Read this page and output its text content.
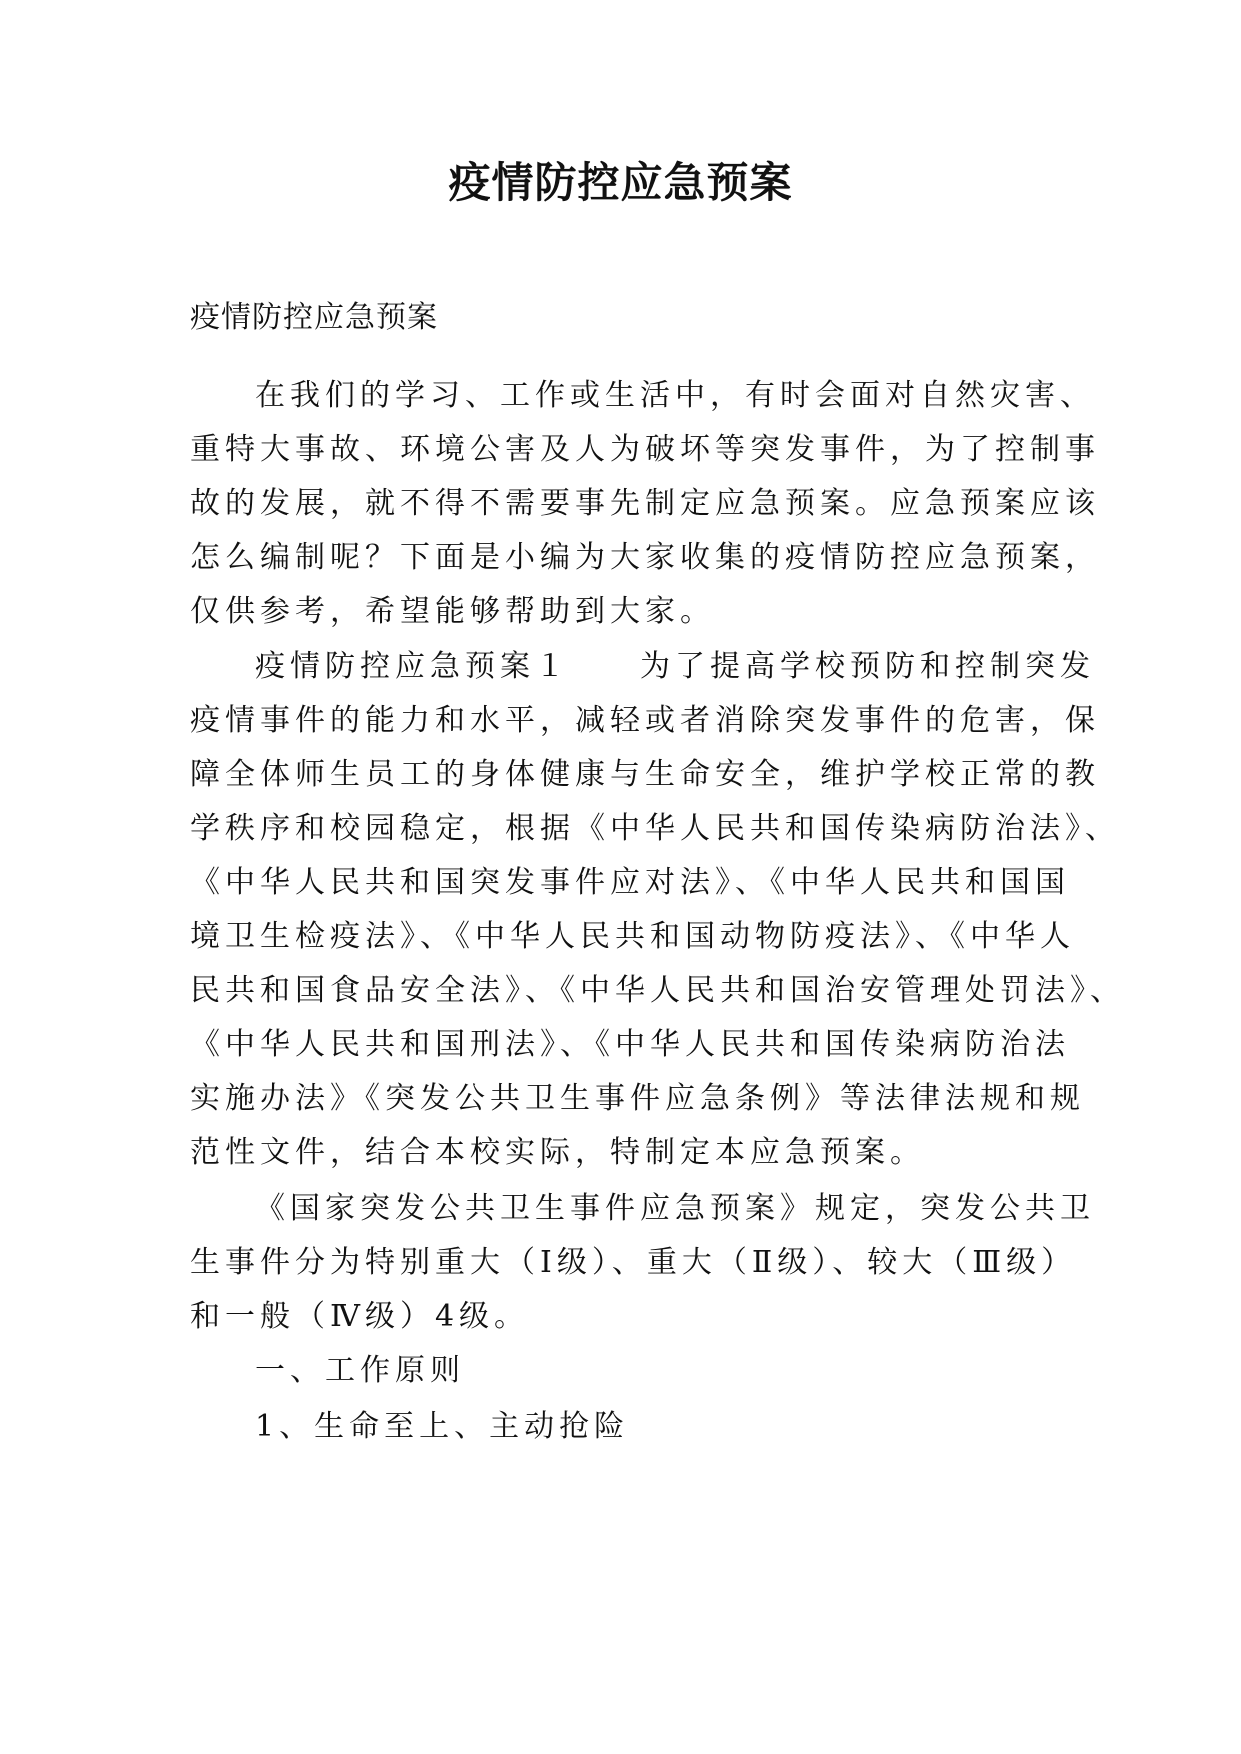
疫情防控应急预案

疫情防控应急预案

在我们的学习、工作或生活中，有时会面对自然灾害、

重特大事故、环境公害及人为破坏等突发事件，为了控制事

故的发展，就不得不需要事先制定应急预案。应急预案应该

怎么编制呢？下面是小编为大家收集的疫情防控应急预案，

仅供参考，希望能够帮助到大家。

疫情防控应急预案１　　为了提高学校预防和控制突发

疫情事件的能力和水平，减轻或者消除突发事件的危害，保

障全体师生员工的身体健康与生命安全，维护学校正常的教

学秩序和校园稳定，根据《中华人民共和国传染病防治法》、

《中华人民共和国突发事件应对法》、《中华人民共和国国

境卫生检疫法》、《中华人民共和国动物防疫法》、《中华人

民共和国食品安全法》、《中华人民共和国治安管理处罚法》、

《中华人民共和国刑法》、《中华人民共和国传染病防治法

实施办法》《突发公共卫生事件应急条例》等法律法规和规

范性文件，结合本校实际，特制定本应急预案。

《国家突发公共卫生事件应急预案》规定，突发公共卫

生事件分为特别重大（Ⅰ级）、重大（Ⅱ级）、较大（Ⅲ级）

和一般（Ⅳ级）4级。

一、工作原则

1、生命至上、主动抢险
